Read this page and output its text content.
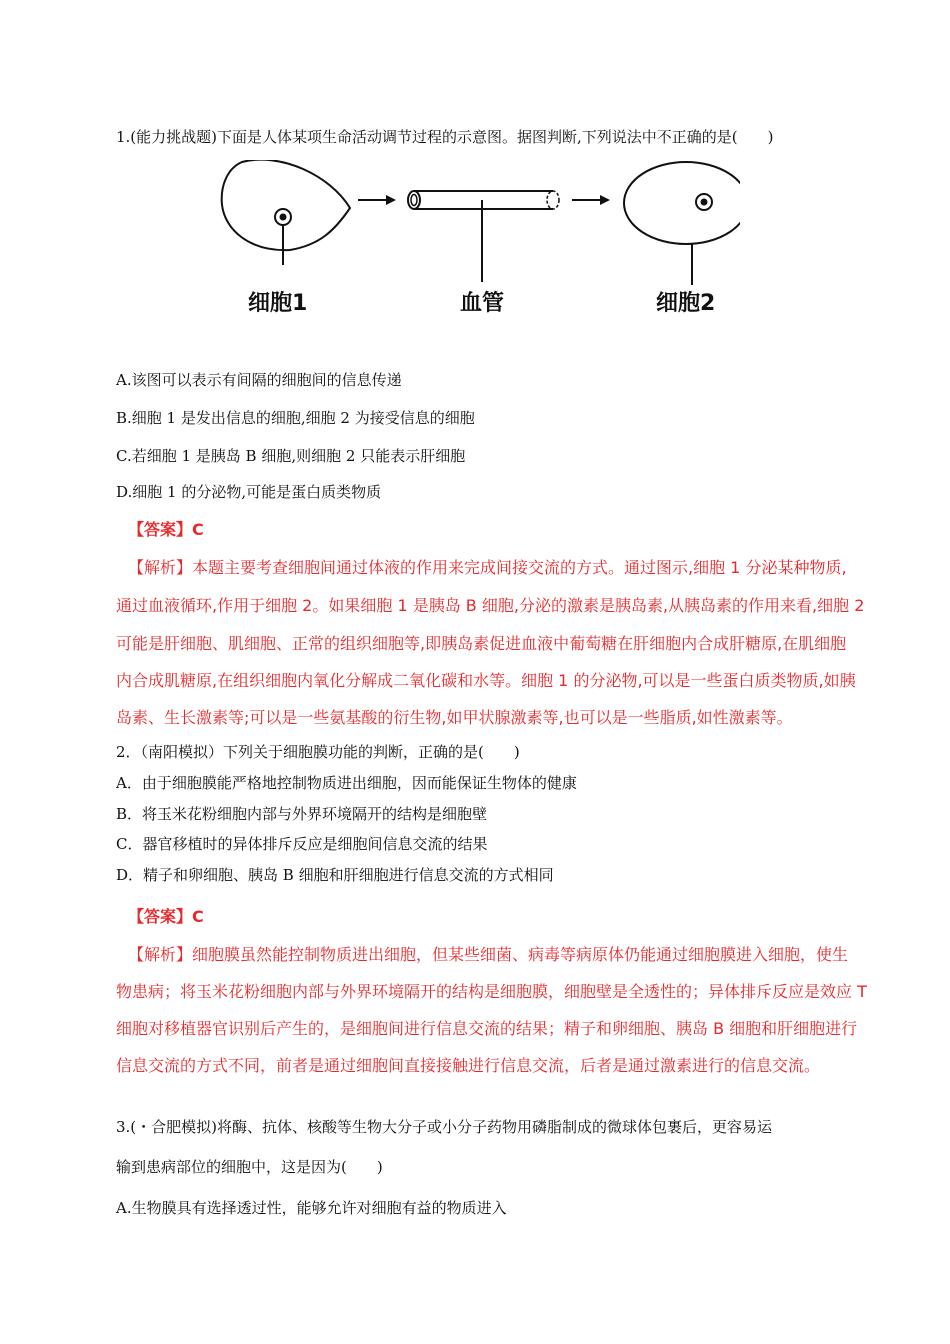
1.(能力挑战题)下面是人体某项生命活动调节过程的示意图。据图判断,下列说法中不正确的是(　　)
细胞1	血管	细胞2
A.该图可以表示有间隔的细胞间的信息传递
B.细胞 1 是发出信息的细胞,细胞 2 为接受信息的细胞
C.若细胞 1 是胰岛 B 细胞,则细胞 2 只能表示肝细胞
D.细胞 1 的分泌物,可能是蛋白质类物质
【答案】C
【解析】本题主要考查细胞间通过体液的作用来完成间接交流的方式。通过图示,细胞 1 分泌某种物质,
通过血液循环,作用于细胞 2。如果细胞 1 是胰岛 B 细胞,分泌的激素是胰岛素,从胰岛素的作用来看,细胞 2
可能是肝细胞、肌细胞、正常的组织细胞等,即胰岛素促进血液中葡萄糖在肝细胞内合成肝糖原,在肌细胞
内合成肌糖原,在组织细胞内氧化分解成二氧化碳和水等。细胞 1 的分泌物,可以是一些蛋白质类物质,如胰
岛素、生长激素等;可以是一些氨基酸的衍生物,如甲状腺激素等,也可以是一些脂质,如性激素等。
2．（南阳模拟）下列关于细胞膜功能的判断，正确的是(　　)
A．由于细胞膜能严格地控制物质进出细胞，因而能保证生物体的健康
B．将玉米花粉细胞内部与外界环境隔开的结构是细胞壁
C．器官移植时的异体排斥反应是细胞间信息交流的结果
D．精子和卵细胞、胰岛 B 细胞和肝细胞进行信息交流的方式相同
【答案】C
【解析】细胞膜虽然能控制物质进出细胞，但某些细菌、病毒等病原体仍能通过细胞膜进入细胞，使生
物患病；将玉米花粉细胞内部与外界环境隔开的结构是细胞膜，细胞壁是全透性的；异体排斥反应是效应 T
细胞对移植器官识别后产生的，是细胞间进行信息交流的结果；精子和卵细胞、胰岛 B 细胞和肝细胞进行
信息交流的方式不同，前者是通过细胞间直接接触进行信息交流，后者是通过激素进行的信息交流。
3.(・合肥模拟)将酶、抗体、核酸等生物大分子或小分子药物用磷脂制成的微球体包裹后，更容易运
输到患病部位的细胞中，这是因为(　　)
A.生物膜具有选择透过性，能够允许对细胞有益的物质进入
